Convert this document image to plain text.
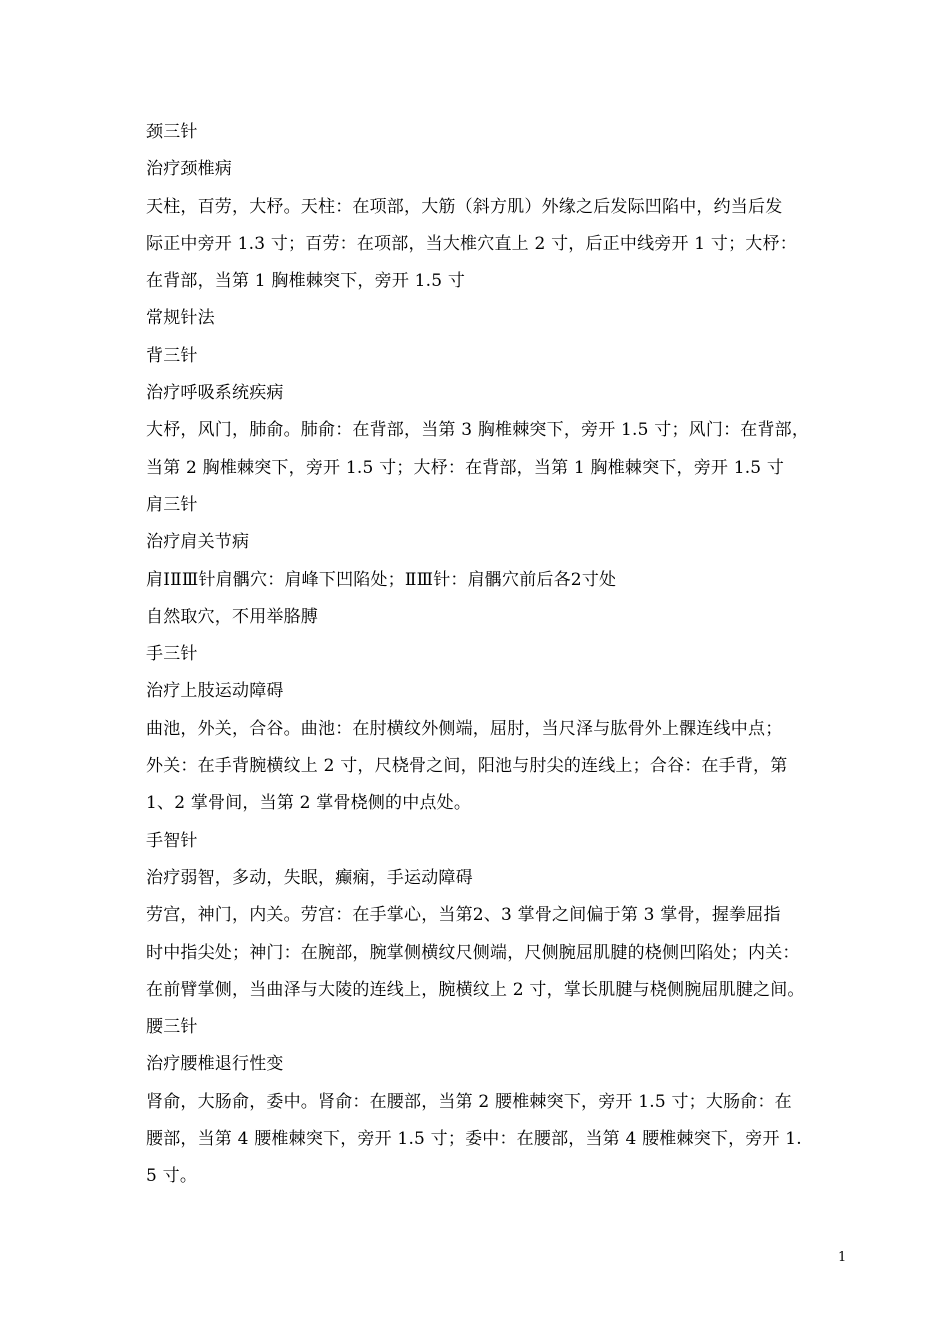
颈三针
治疗颈椎病
天柱，百劳，大杼。天柱：在项部，大筋（斜方肌）外缘之后发际凹陷中，约当后发
际正中旁开 1.3 寸；百劳：在项部，当大椎穴直上 2 寸，后正中线旁开 1 寸；大杼：
在背部，当第 1 胸椎棘突下，旁开 1.5 寸
常规针法
背三针
治疗呼吸系统疾病
大杼，风门，肺俞。肺俞：在背部，当第 3 胸椎棘突下，旁开 1.5 寸；风门：在背部，
当第 2 胸椎棘突下，旁开 1.5 寸；大杼：在背部，当第 1 胸椎棘突下，旁开 1.5 寸
肩三针
治疗肩关节病
肩ⅠⅡⅢ针肩髃穴：肩峰下凹陷处；ⅡⅢ针：肩髃穴前后各2寸处
自然取穴，不用举胳膊
手三针
治疗上肢运动障碍
曲池，外关，合谷。曲池：在肘横纹外侧端，屈肘，当尺泽与肱骨外上髁连线中点；
外关：在手背腕横纹上 2 寸，尺桡骨之间，阳池与肘尖的连线上；合谷：在手背，第
1、2 掌骨间，当第 2 掌骨桡侧的中点处。
手智针
治疗弱智，多动，失眠，癫痫，手运动障碍
劳宫，神门，内关。劳宫：在手掌心，当第2、3 掌骨之间偏于第 3 掌骨，握拳屈指
时中指尖处；神门：在腕部，腕掌侧横纹尺侧端，尺侧腕屈肌腱的桡侧凹陷处；内关：
在前臂掌侧，当曲泽与大陵的连线上，腕横纹上 2 寸，掌长肌腱与桡侧腕屈肌腱之间。
腰三针
治疗腰椎退行性变
肾俞，大肠俞，委中。肾俞：在腰部，当第 2 腰椎棘突下，旁开 1.5 寸；大肠俞：在
腰部，当第 4 腰椎棘突下，旁开 1.5 寸；委中：在腰部，当第 4 腰椎棘突下，旁开 1.
5 寸。
1
